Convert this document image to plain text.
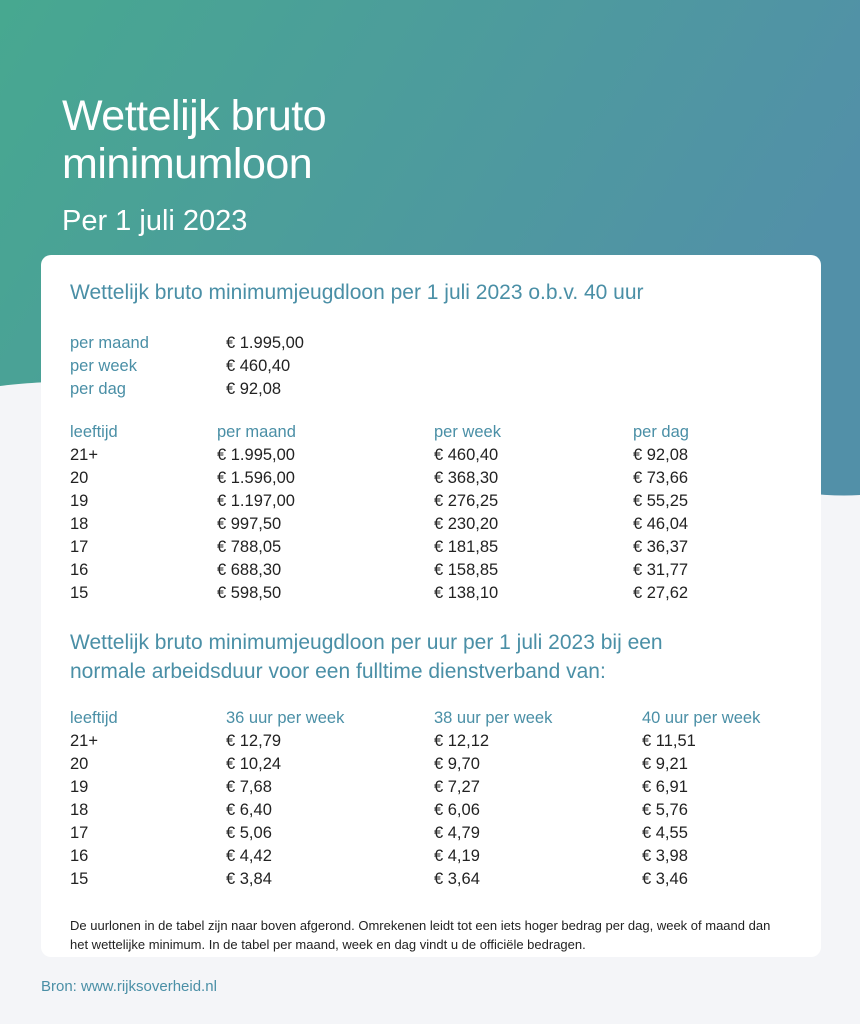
Wettelijk bruto
minimumloon
Per 1 juli 2023
Wettelijk bruto minimumjeugdloon per 1 juli 2023 o.b.v. 40 uur
per maand	€ 1.995,00
per week	€ 460,40
per dag	€ 92,08
leeftijd	per maand	per week	per dag
21+	€ 1.995,00	€ 460,40	€ 92,08
20	€ 1.596,00	€ 368,30	€ 73,66
19	€ 1.197,00	€ 276,25	€ 55,25
18	€ 997,50	€ 230,20	€ 46,04
17	€ 788,05	€ 181,85	€ 36,37
16	€ 688,30	€ 158,85	€ 31,77
15	€ 598,50	€ 138,10	€ 27,62
Wettelijk bruto minimumjeugdloon per uur per 1 juli 2023 bij een
normale arbeidsduur voor een fulltime dienstverband van:
leeftijd	36 uur per week	38 uur per week	40 uur per week
21+	€ 12,79	€ 12,12	€ 11,51
20	€ 10,24	€ 9,70	€ 9,21
19	€ 7,68	€ 7,27	€ 6,91
18	€ 6,40	€ 6,06	€ 5,76
17	€ 5,06	€ 4,79	€ 4,55
16	€ 4,42	€ 4,19	€ 3,98
15	€ 3,84	€ 3,64	€ 3,46

De uurlonen in de tabel zijn naar boven afgerond. Omrekenen leidt tot een iets hoger bedrag per dag, week of maand dan
het wettelijke minimum. In de tabel per maand, week en dag vindt u de officiële bedragen.

Bron: www.rijksoverheid.nl
